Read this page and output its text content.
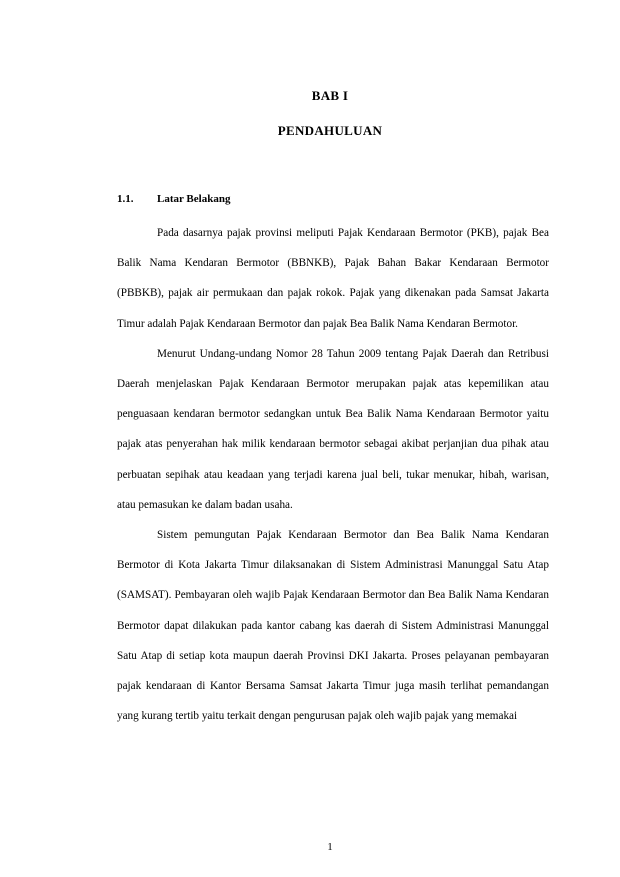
BAB I
PENDAHULUAN
1.1. Latar Belakang

Pada dasarnya pajak provinsi meliputi Pajak Kendaraan Bermotor (PKB), pajak Bea Balik Nama Kendaran Bermotor (BBNKB), Pajak Bahan Bakar Kendaraan Bermotor (PBBKB), pajak air permukaan dan pajak rokok. Pajak yang dikenakan pada Samsat Jakarta Timur adalah Pajak Kendaraan Bermotor dan pajak Bea Balik Nama Kendaran Bermotor.

Menurut Undang-undang Nomor 28 Tahun 2009 tentang Pajak Daerah dan Retribusi Daerah menjelaskan Pajak Kendaraan Bermotor merupakan pajak atas kepemilikan atau penguasaan kendaran bermotor sedangkan untuk Bea Balik Nama Kendaraan Bermotor yaitu pajak atas penyerahan hak milik kendaraan bermotor sebagai akibat perjanjian dua pihak atau perbuatan sepihak atau keadaan yang terjadi karena jual beli, tukar menukar, hibah, warisan, atau pemasukan ke dalam badan usaha.

Sistem pemungutan Pajak Kendaraan Bermotor dan Bea Balik Nama Kendaran Bermotor di Kota Jakarta Timur dilaksanakan di Sistem Administrasi Manunggal Satu Atap (SAMSAT). Pembayaran oleh wajib Pajak Kendaraan Bermotor dan Bea Balik Nama Kendaran Bermotor dapat dilakukan pada kantor cabang kas daerah di Sistem Administrasi Manunggal Satu Atap di setiap kota maupun daerah Provinsi DKI Jakarta. Proses pelayanan pembayaran pajak kendaraan di Kantor Bersama Samsat Jakarta Timur juga masih terlihat pemandangan yang kurang tertib yaitu terkait dengan pengurusan pajak oleh wajib pajak yang memakai

1
